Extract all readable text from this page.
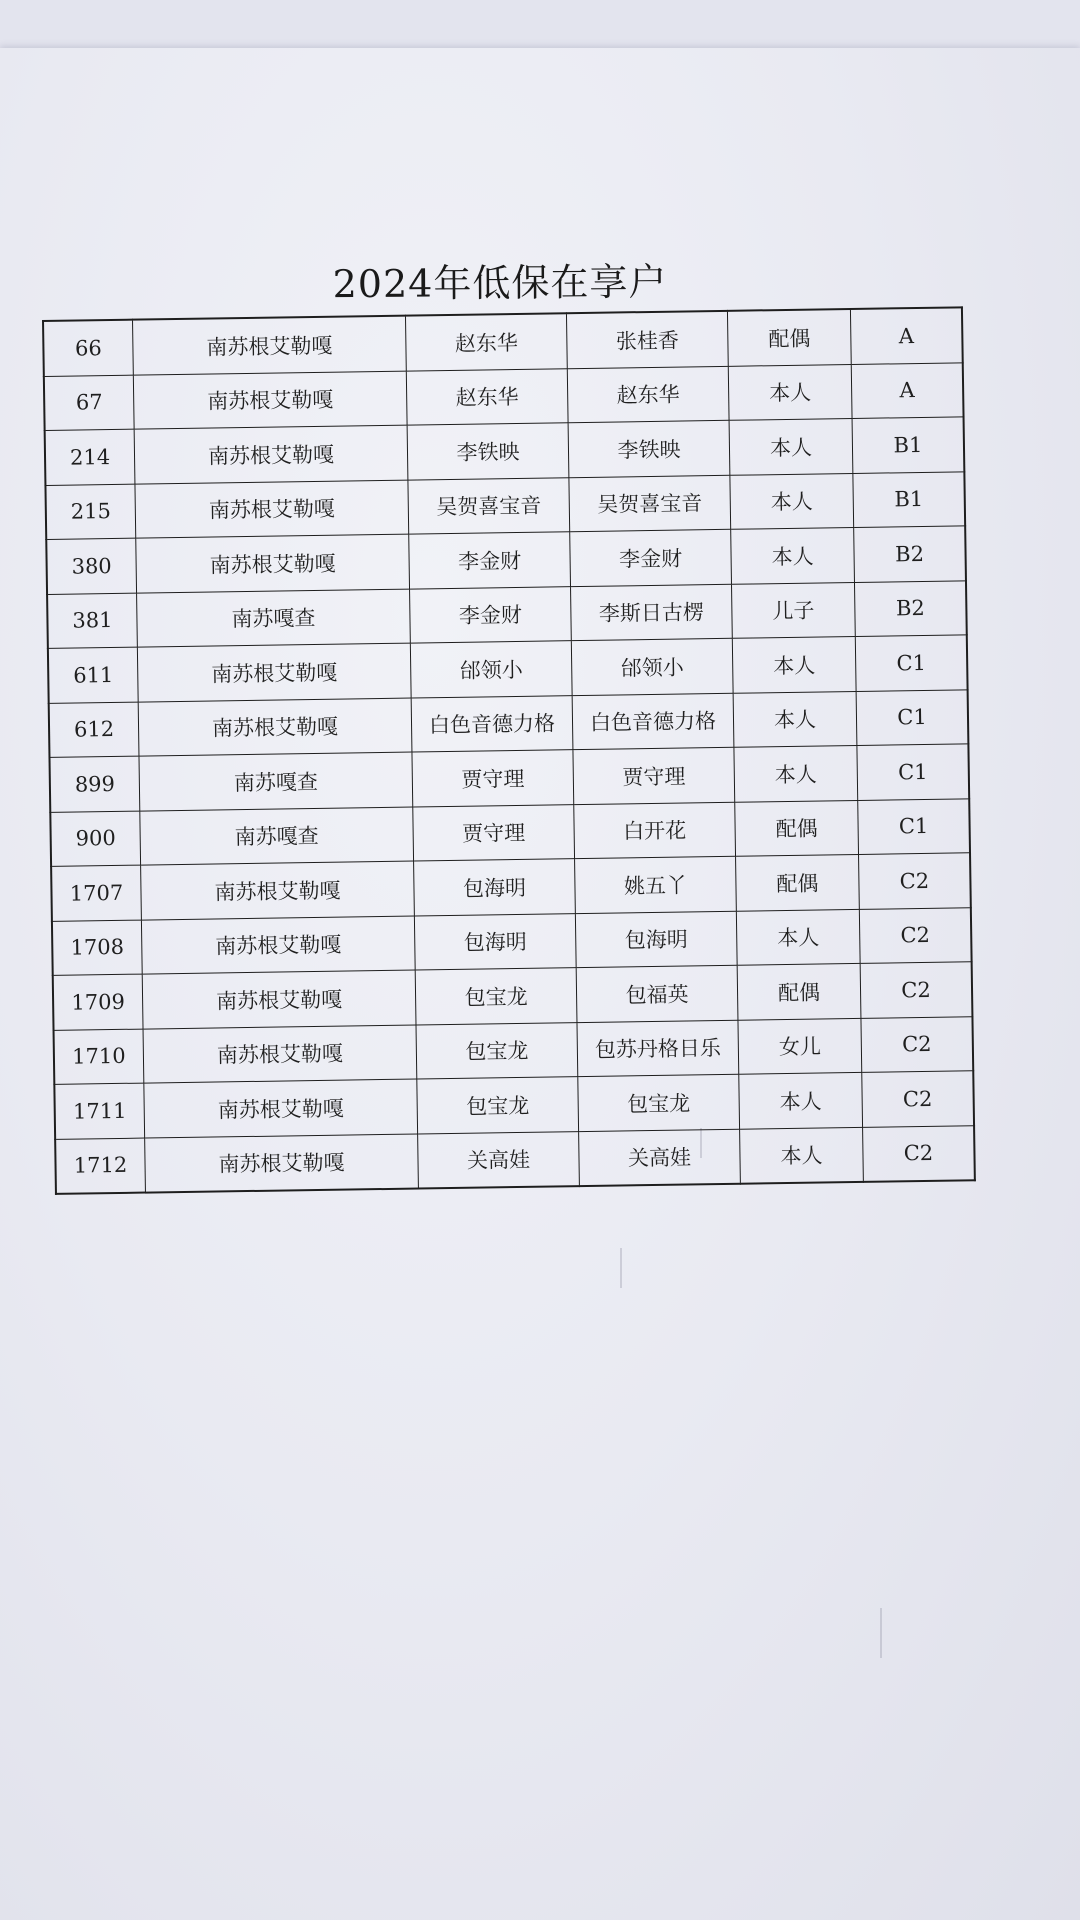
2024年低保在享户
66	南苏根艾勒嘎	赵东华	张桂香	配偶	A
67	南苏根艾勒嘎	赵东华	赵东华	本人	A
214	南苏根艾勒嘎	李铁映	李铁映	本人	B1
215	南苏根艾勒嘎	吴贺喜宝音	吴贺喜宝音	本人	B1
380	南苏根艾勒嘎	李金财	李金财	本人	B2
381	南苏嘎查	李金财	李斯日古楞	儿子	B2
611	南苏根艾勒嘎	邰领小	邰领小	本人	C1
612	南苏根艾勒嘎	白色音德力格	白色音德力格	本人	C1
899	南苏嘎查	贾守理	贾守理	本人	C1
900	南苏嘎查	贾守理	白开花	配偶	C1
1707	南苏根艾勒嘎	包海明	姚五丫	配偶	C2
1708	南苏根艾勒嘎	包海明	包海明	本人	C2
1709	南苏根艾勒嘎	包宝龙	包福英	配偶	C2
1710	南苏根艾勒嘎	包宝龙	包苏丹格日乐	女儿	C2
1711	南苏根艾勒嘎	包宝龙	包宝龙	本人	C2
1712	南苏根艾勒嘎	关高娃	关高娃	本人	C2
